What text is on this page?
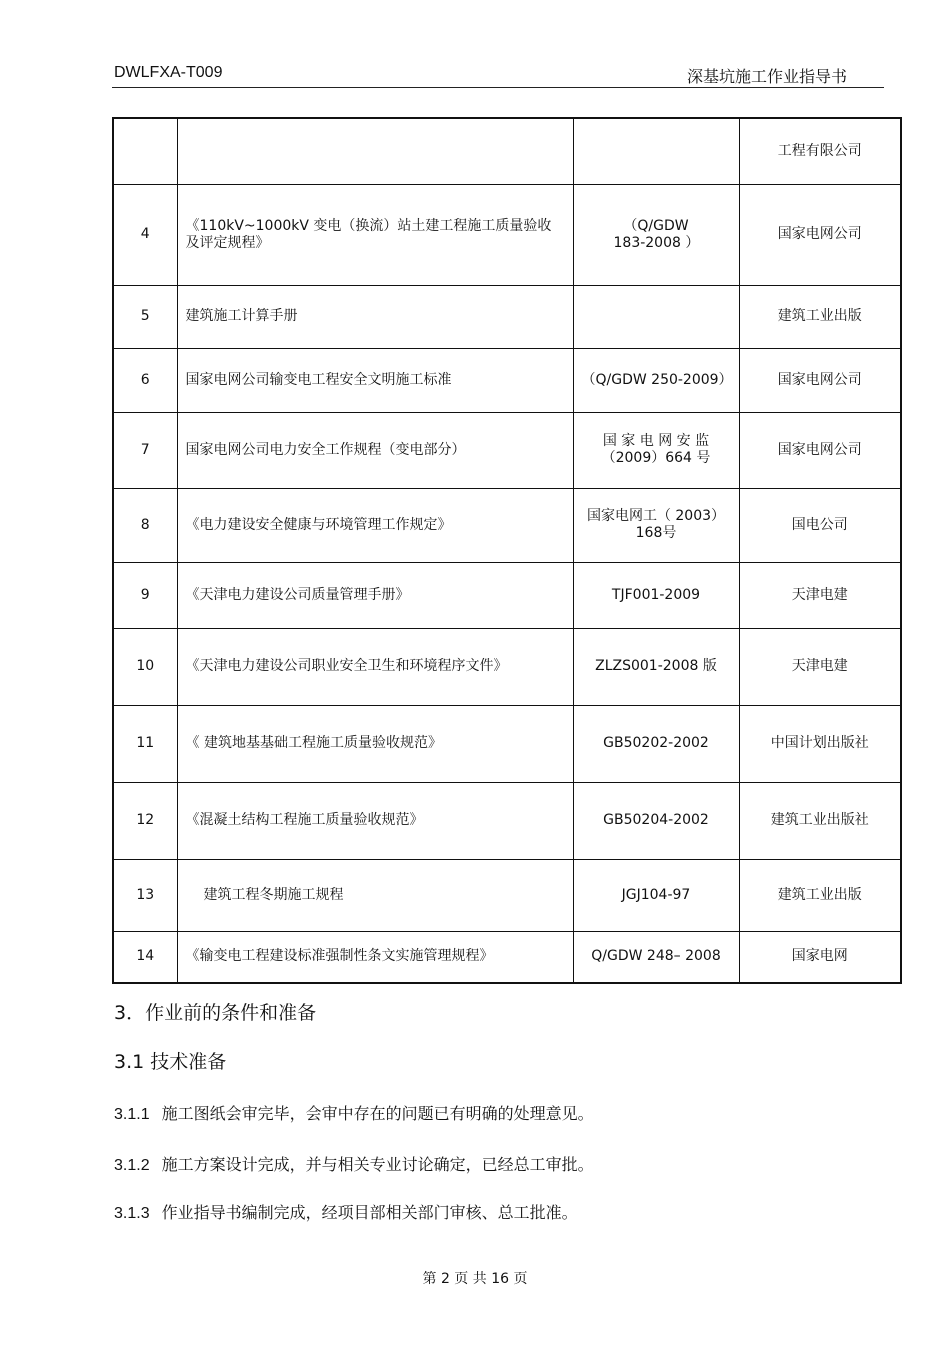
DWLFXA-T009	深基坑施工作业指导书
			工程有限公司
4	《110kV~1000kV 变电（换流）站土建工程施工质量验收及评定规程》	（Q/GDW 183-2008 ）	国家电网公司
5	建筑施工计算手册		建筑工业出版
6	国家电网公司输变电工程安全文明施工标准	（Q/GDW 250-2009）	国家电网公司
7	国家电网公司电力安全工作规程（变电部分）	国 家 电 网 安 监（2009）664 号	国家电网公司
8	《电力建设安全健康与环境管理工作规定》	国家电网工（ 2003）168号	国电公司
9	《天津电力建设公司质量管理手册》	TJF001-2009	天津电建
10	《天津电力建设公司职业安全卫生和环境程序文件》	ZLZS001-2008 版	天津电建
11	《 建筑地基基础工程施工质量验收规范》	GB50202-2002	中国计划出版社
12	《混凝土结构工程施工质量验收规范》	GB50204-2002	建筑工业出版社
13	建筑工程冬期施工规程	JGJ104-97	建筑工业出版
14	《输变电工程建设标准强制性条文实施管理规程》	Q/GDW 248– 2008	国家电网
3．作业前的条件和准备
3.1 技术准备
3.1.1 施工图纸会审完毕，会审中存在的问题已有明确的处理意见。
3.1.2 施工方案设计完成，并与相关专业讨论确定，已经总工审批。
3.1.3 作业指导书编制完成，经项目部相关部门审核、总工批准。
第 2 页 共 16 页
